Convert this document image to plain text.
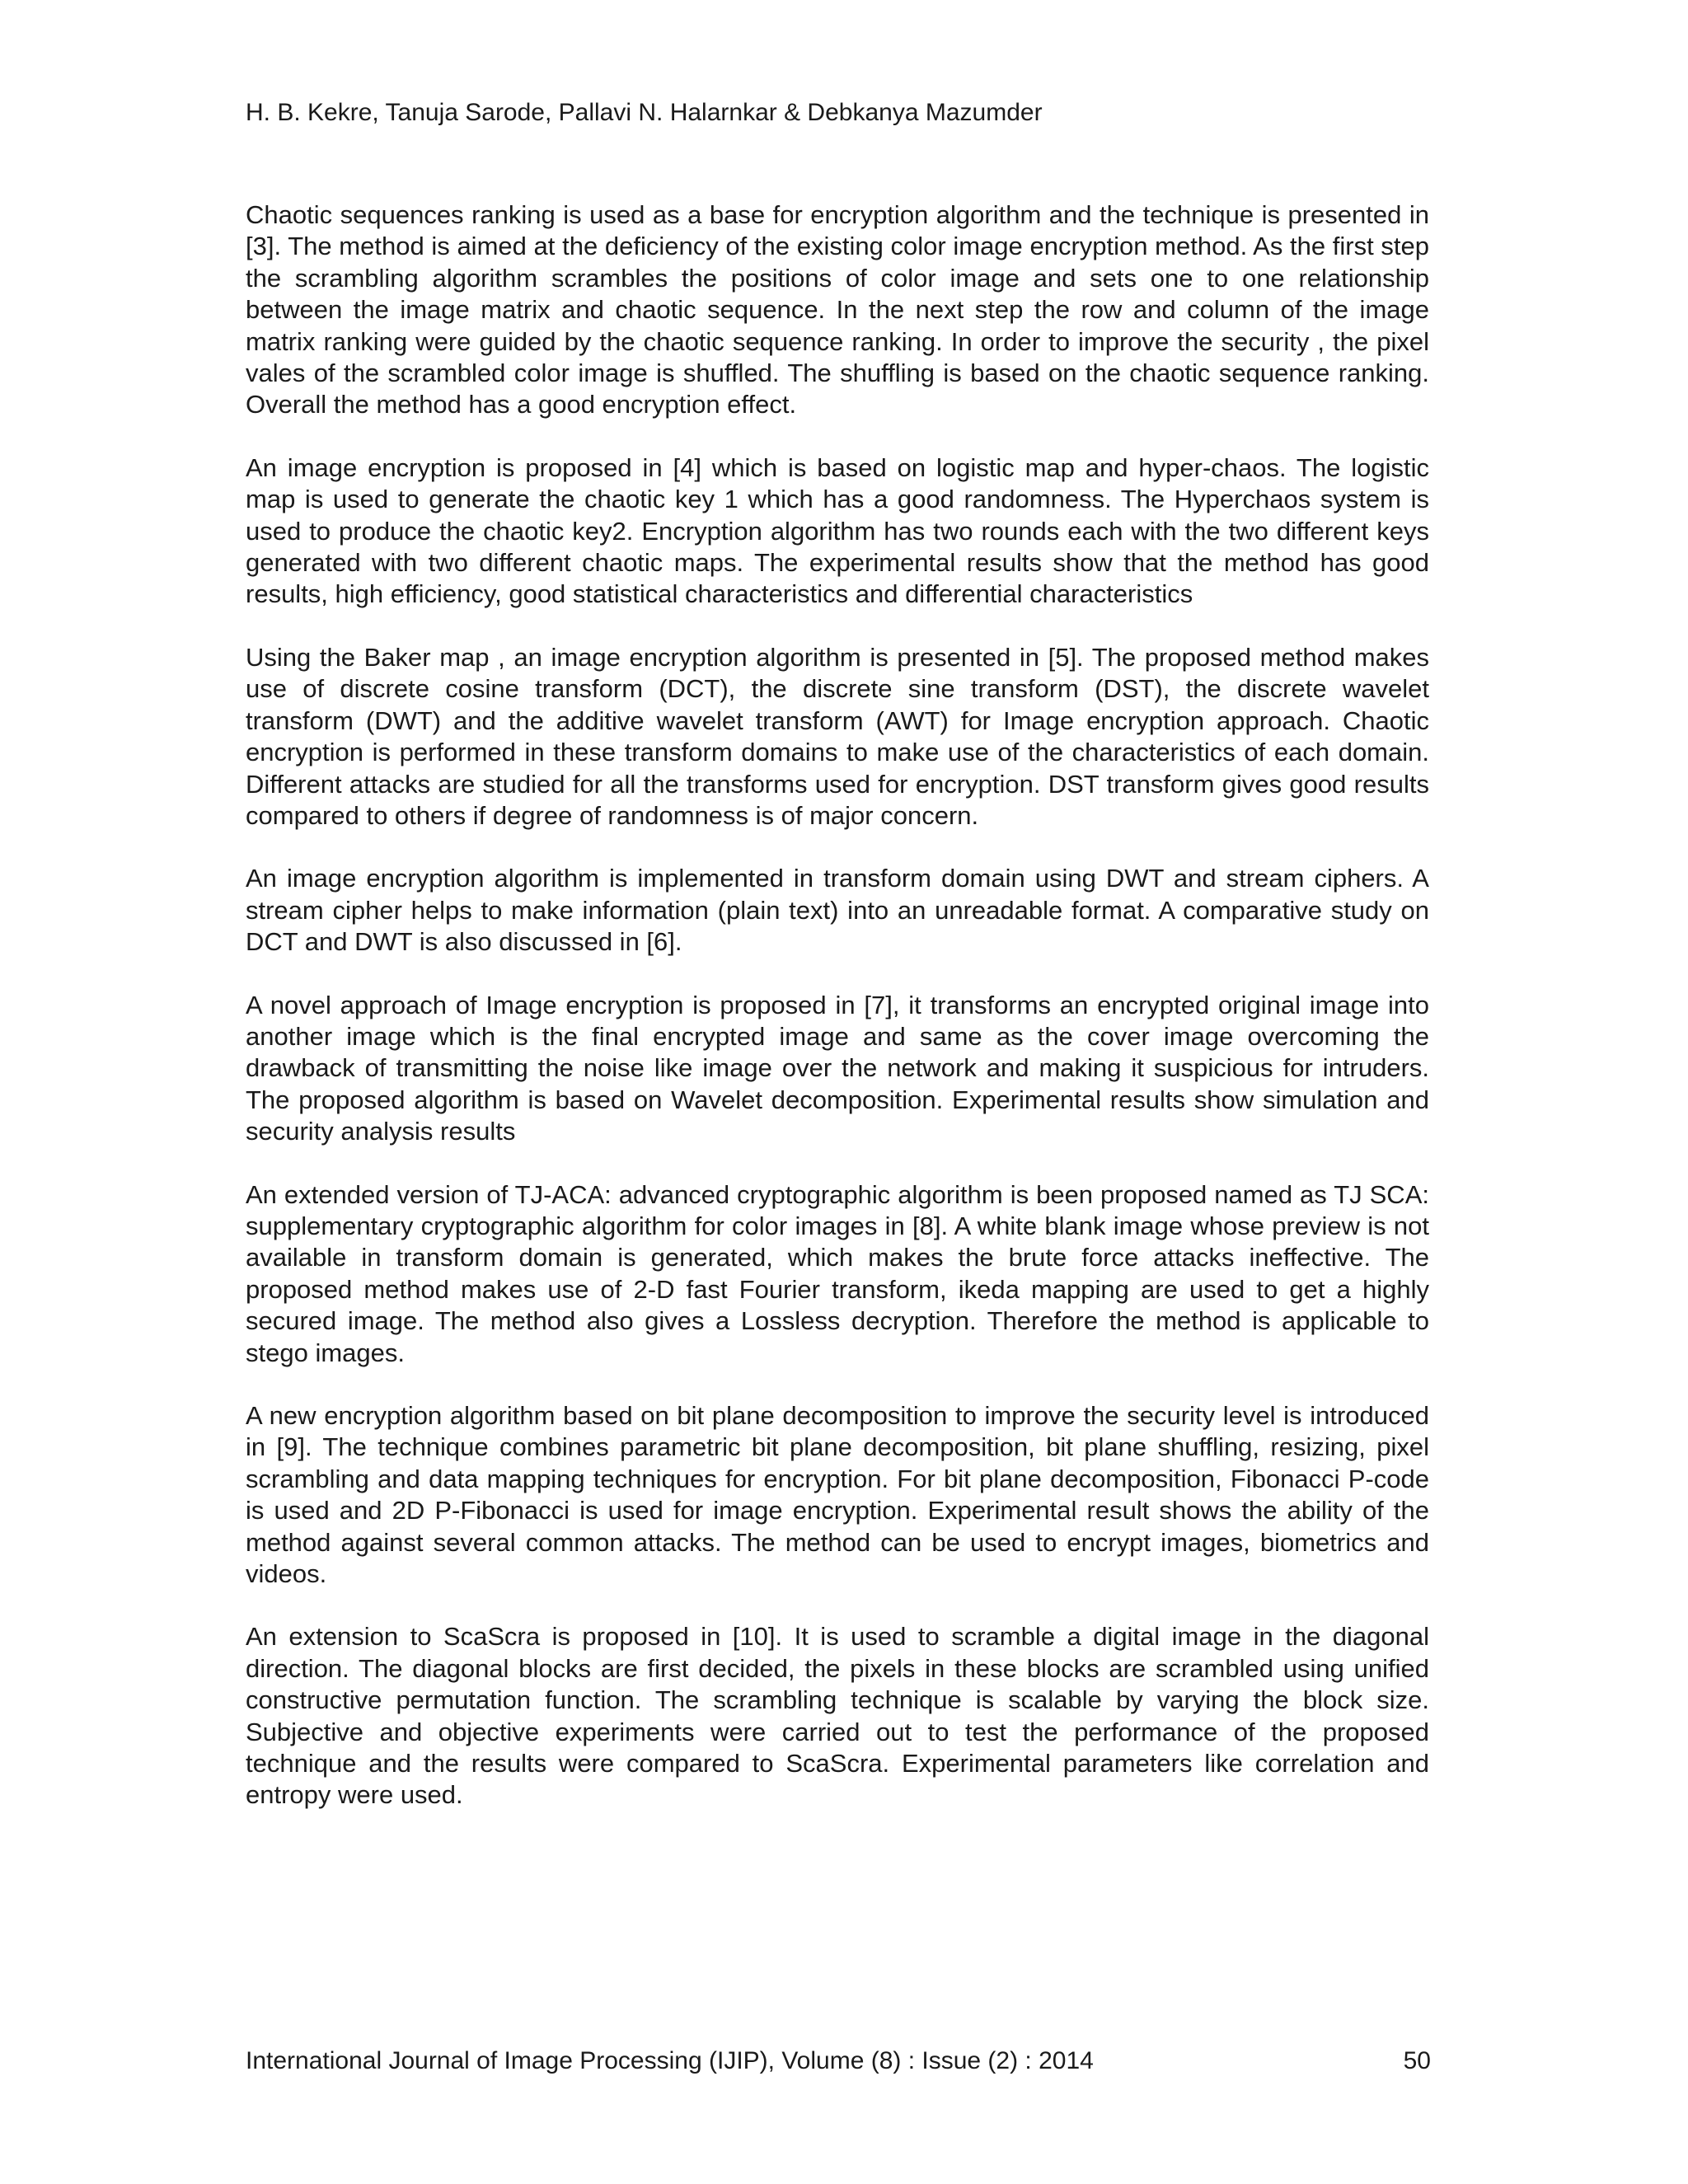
H. B. Kekre, Tanuja Sarode, Pallavi N. Halarnkar & Debkanya Mazumder

Chaotic sequences ranking is used as a base for encryption algorithm and the technique is presented in [3]. The method is aimed at the deficiency of the existing color image encryption method. As the first step the scrambling algorithm scrambles the positions of color image and sets one to one relationship between the image matrix and chaotic sequence. In the next step the row and column of the image matrix ranking were guided by the chaotic sequence ranking. In order to improve the security , the pixel vales of the scrambled color image is shuffled. The shuffling is based on the chaotic sequence ranking. Overall the method has a good encryption effect.

An image encryption is proposed in [4] which is based on logistic map and hyper-chaos. The logistic map is used to generate the chaotic key 1 which has a good randomness. The Hyperchaos system is used to produce the chaotic key2. Encryption algorithm has two rounds each with the two different keys generated with two different chaotic maps. The experimental results show that the method has good results, high efficiency, good statistical characteristics and differential characteristics

Using the Baker map , an image encryption algorithm is presented in [5]. The proposed method makes use of discrete cosine transform (DCT), the discrete sine transform (DST), the discrete wavelet transform (DWT) and the additive wavelet transform (AWT) for Image encryption approach. Chaotic encryption is performed in these transform domains to make use of the characteristics of each domain. Different attacks are studied for all the transforms used for encryption. DST transform gives good results compared to others if degree of randomness is of major concern.

An image encryption algorithm is implemented in transform domain using DWT and stream ciphers. A stream cipher helps to make information (plain text) into an unreadable format. A comparative study on DCT and DWT is also discussed in [6].

A novel approach of Image encryption is proposed in [7], it transforms an encrypted original image into another image which is the final encrypted image and same as the cover image overcoming the drawback of transmitting the noise like image over the network and making it suspicious for intruders. The proposed algorithm is based on Wavelet decomposition. Experimental results show simulation and security analysis results

An extended version of TJ-ACA: advanced cryptographic algorithm is been proposed named as TJ SCA: supplementary cryptographic algorithm for color images in [8]. A white blank image whose preview is not available in transform domain is generated, which makes the brute force attacks ineffective. The proposed method makes use of 2-D fast Fourier transform, ikeda mapping are used to get a highly secured image. The method also gives a Lossless decryption. Therefore the method is applicable to stego images.

A new encryption algorithm based on bit plane decomposition to improve the security level is introduced in [9]. The technique combines parametric bit plane decomposition, bit plane shuffling, resizing, pixel scrambling and data mapping techniques for encryption. For bit plane decomposition, Fibonacci P-code is used and 2D P-Fibonacci is used for image encryption. Experimental result shows the ability of the method against several common attacks. The method can be used to encrypt images, biometrics and videos.

An extension to ScaScra is proposed in [10]. It is used to scramble a digital image in the diagonal direction. The diagonal blocks are first decided, the pixels in these blocks are scrambled using unified constructive permutation function. The scrambling technique is scalable by varying the block size. Subjective and objective experiments were carried out to test the performance of the proposed technique and the results were compared to ScaScra. Experimental parameters like correlation and entropy were used.

International Journal of Image Processing (IJIP), Volume (8) : Issue (2) : 2014	50
